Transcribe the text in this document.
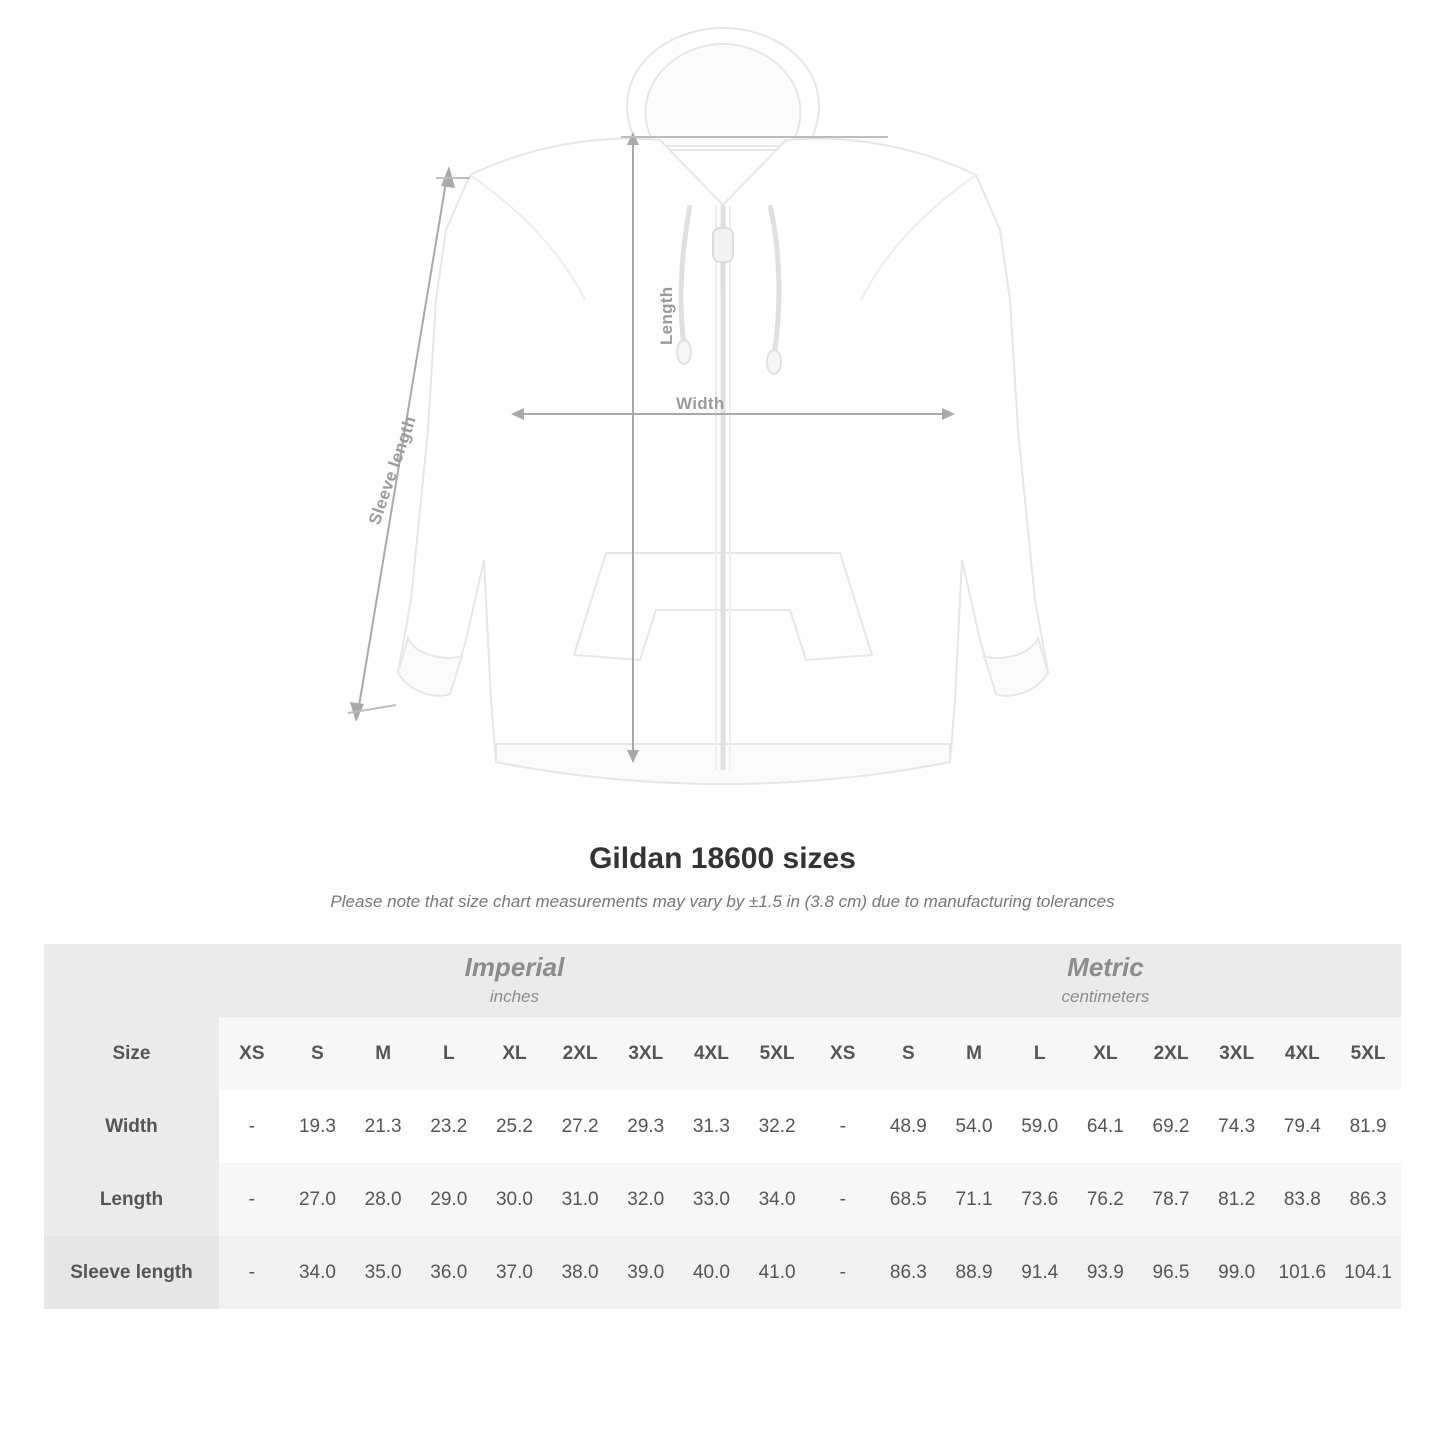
Length
Width
Sleeve length
Gildan 18600 sizes

Please note that size chart measurements may vary by ±1.5 in (3.8 cm) due to manufacturing tolerances

Imperial
inches

Metric
centimeters

Size	XS	S	M	L	XL	2XL	3XL	4XL	5XL	XS	S	M	L	XL	2XL	3XL	4XL	5XL
Width	-	19.3	21.3	23.2	25.2	27.2	29.3	31.3	32.2	-	48.9	54.0	59.0	64.1	69.2	74.3	79.4	81.9
Length	-	27.0	28.0	29.0	30.0	31.0	32.0	33.0	34.0	-	68.5	71.1	73.6	76.2	78.7	81.2	83.8	86.3
Sleeve length	-	34.0	35.0	36.0	37.0	38.0	39.0	40.0	41.0	-	86.3	88.9	91.4	93.9	96.5	99.0	101.6	104.1
